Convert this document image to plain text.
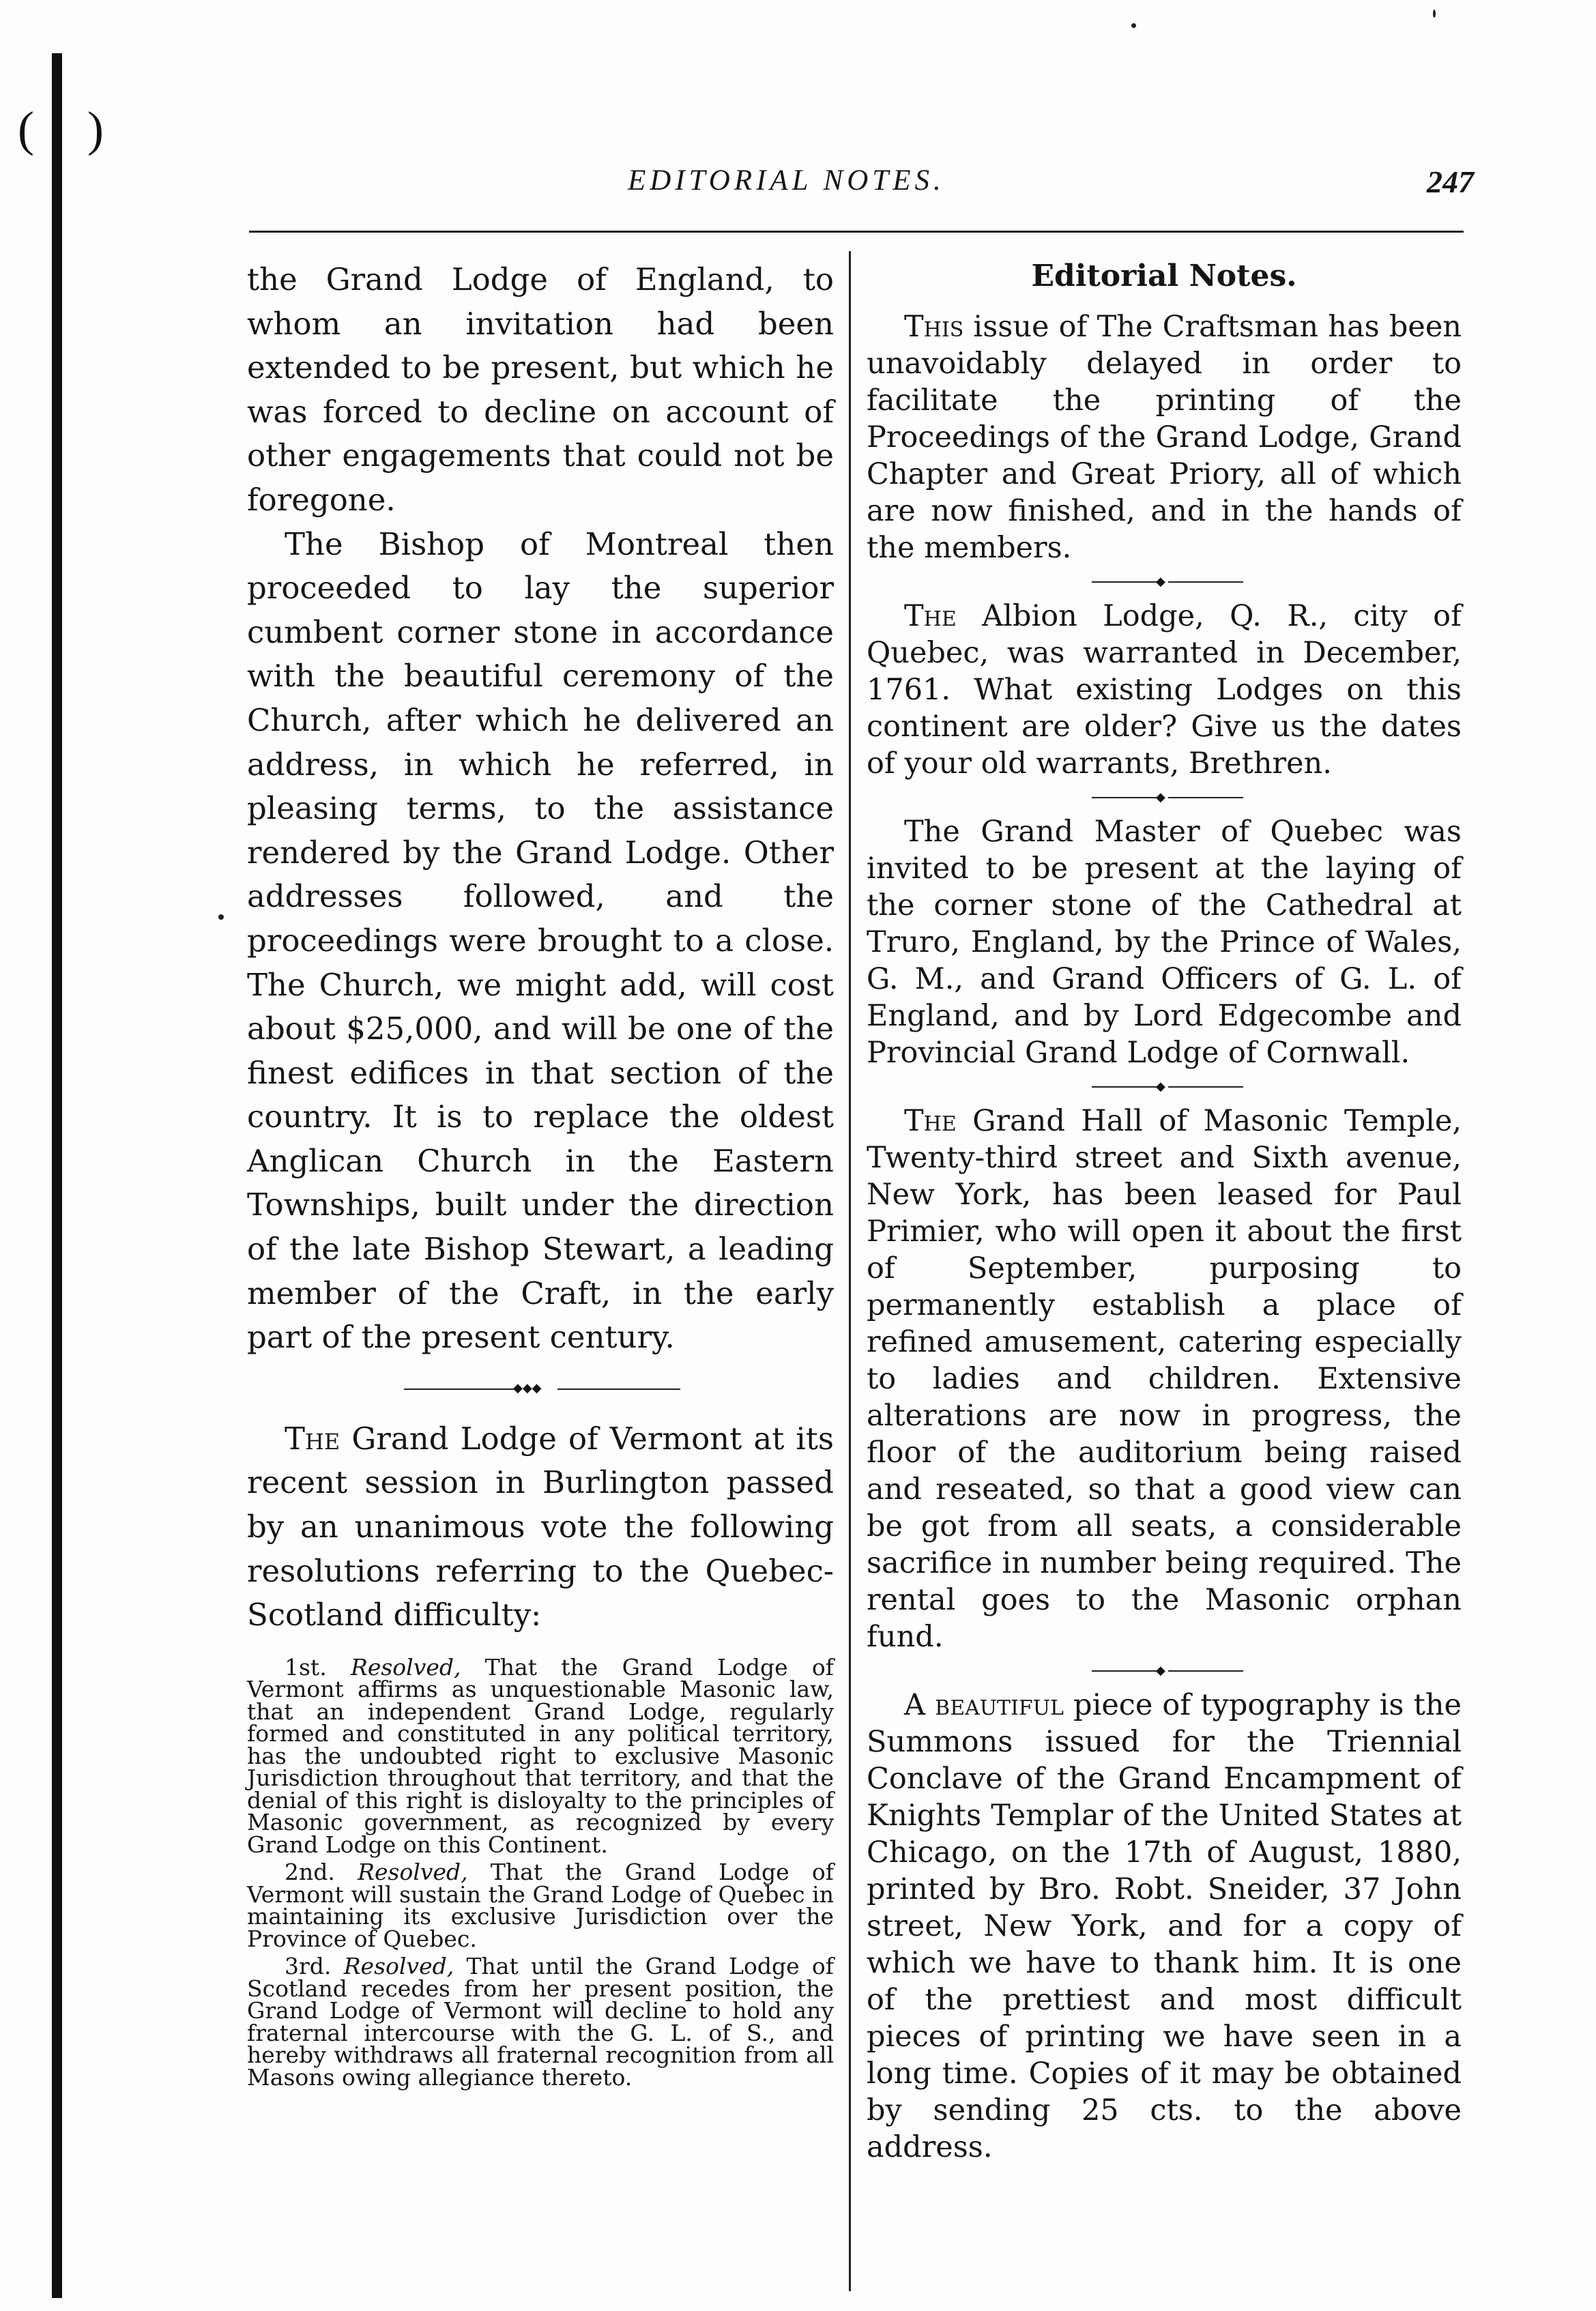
( )
EDITORIAL NOTES.	247

the Grand Lodge of England, to whom an invitation had been extended to be present, but which he was forced to decline on account of other engagements that could not be foregone.

The Bishop of Montreal then proceeded to lay the superior cumbent corner stone in accordance with the beautiful ceremony of the Church, after which he delivered an address, in which he referred, in pleasing terms, to the assistance rendered by the Grand Lodge. Other addresses followed, and the proceedings were brought to a close. The Church, we might add, will cost about $25,000, and will be one of the finest edifices in that section of the country. It is to replace the oldest Anglican Church in the Eastern Townships, built under the direction of the late Bishop Stewart, a leading member of the Craft, in the early part of the present century.

◆◆◆

The Grand Lodge of Vermont at its recent session in Burlington passed by an unanimous vote the following resolutions referring to the Quebec-Scotland difficulty:

1st. Resolved, That the Grand Lodge of Vermont affirms as unquestionable Masonic law, that an independent Grand Lodge, regularly formed and constituted in any political territory, has the undoubted right to exclusive Masonic Jurisdiction throughout that territory, and that the denial of this right is disloyalty to the principles of Masonic government, as recognized by every Grand Lodge on this Continent.

2nd. Resolved, That the Grand Lodge of Vermont will sustain the Grand Lodge of Quebec in maintaining its exclusive Jurisdiction over the Province of Quebec.

3rd. Resolved, That until the Grand Lodge of Scotland recedes from her present position, the Grand Lodge of Vermont will decline to hold any fraternal intercourse with the G. L. of S., and hereby withdraws all fraternal recognition from all Masons owing allegiance thereto.

Editorial Notes.

This issue of The Craftsman has been unavoidably delayed in order to facilitate the printing of the Proceedings of the Grand Lodge, Grand Chapter and Great Priory, all of which are now finished, and in the hands of the members.

◆

The Albion Lodge, Q. R., city of Quebec, was warranted in December, 1761. What existing Lodges on this continent are older? Give us the dates of your old warrants, Brethren.

◆

The Grand Master of Quebec was invited to be present at the laying of the corner stone of the Cathedral at Truro, England, by the Prince of Wales, G. M., and Grand Officers of G. L. of England, and by Lord Edgecombe and Provincial Grand Lodge of Cornwall.

◆

The Grand Hall of Masonic Temple, Twenty-third street and Sixth avenue, New York, has been leased for Paul Primier, who will open it about the first of September, purposing to permanently establish a place of refined amusement, catering especially to ladies and children. Extensive alterations are now in progress, the floor of the auditorium being raised and reseated, so that a good view can be got from all seats, a considerable sacrifice in number being required. The rental goes to the Masonic orphan fund.

◆

A beautiful piece of typography is the Summons issued for the Triennial Conclave of the Grand Encampment of Knights Templar of the United States at Chicago, on the 17th of August, 1880, printed by Bro. Robt. Sneider, 37 John street, New York, and for a copy of which we have to thank him. It is one of the prettiest and most difficult pieces of printing we have seen in a long time. Copies of it may be obtained by sending 25 cts. to the above address.
